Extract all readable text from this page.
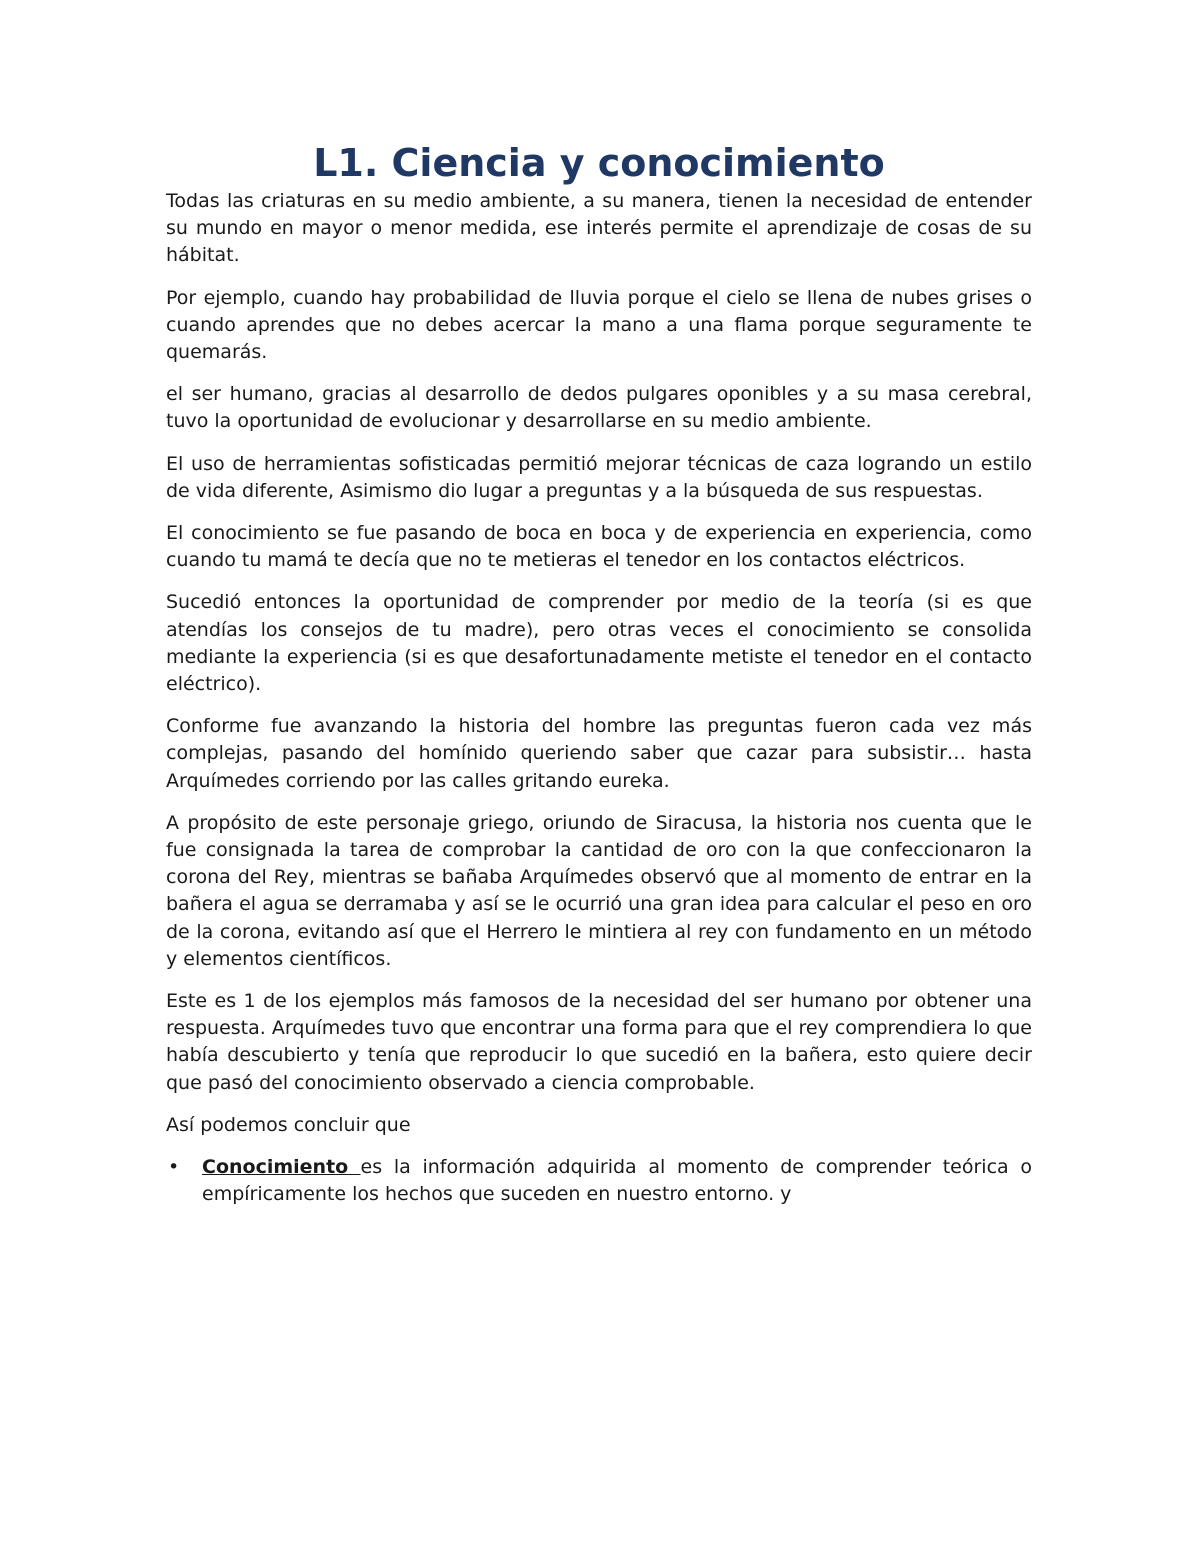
L1. Ciencia y conocimiento

Todas las criaturas en su medio ambiente, a su manera, tienen la necesidad de entender su mundo en mayor o menor medida, ese interés permite el aprendizaje de cosas de su hábitat.

Por ejemplo, cuando hay probabilidad de lluvia porque el cielo se llena de nubes grises o cuando aprendes que no debes acercar la mano a una flama porque seguramente te quemarás.

el ser humano, gracias al desarrollo de dedos pulgares oponibles y a su masa cerebral, tuvo la oportunidad de evolucionar y desarrollarse en su medio ambiente.

El uso de herramientas sofisticadas permitió mejorar técnicas de caza logrando un estilo de vida diferente, Asimismo dio lugar a preguntas y a la búsqueda de sus respuestas.

El conocimiento se fue pasando de boca en boca y de experiencia en experiencia, como cuando tu mamá te decía que no te metieras el tenedor en los contactos eléctricos.

Sucedió entonces la oportunidad de comprender por medio de la teoría (si es que atendías los consejos de tu madre), pero otras veces el conocimiento se consolida mediante la experiencia (si es que desafortunadamente metiste el tenedor en el contacto eléctrico).

Conforme fue avanzando la historia del hombre las preguntas fueron cada vez más complejas, pasando del homínido queriendo saber que cazar para subsistir… hasta Arquímedes corriendo por las calles gritando eureka.

A propósito de este personaje griego, oriundo de Siracusa, la historia nos cuenta que le fue consignada la tarea de comprobar la cantidad de oro con la que confeccionaron la corona del Rey, mientras se bañaba Arquímedes observó que al momento de entrar en la bañera el agua se derramaba y así se le ocurrió una gran idea para calcular el peso en oro de la corona, evitando así que el Herrero le mintiera al rey con fundamento en un método y elementos científicos.

Este es 1 de los ejemplos más famosos de la necesidad del ser humano por obtener una respuesta. Arquímedes tuvo que encontrar una forma para que el rey comprendiera lo que había descubierto y tenía que reproducir lo que sucedió en la bañera, esto quiere decir que pasó del conocimiento observado a ciencia comprobable.

Así podemos concluir que

• Conocimiento es la información adquirida al momento de comprender teórica o empíricamente los hechos que suceden en nuestro entorno. y
